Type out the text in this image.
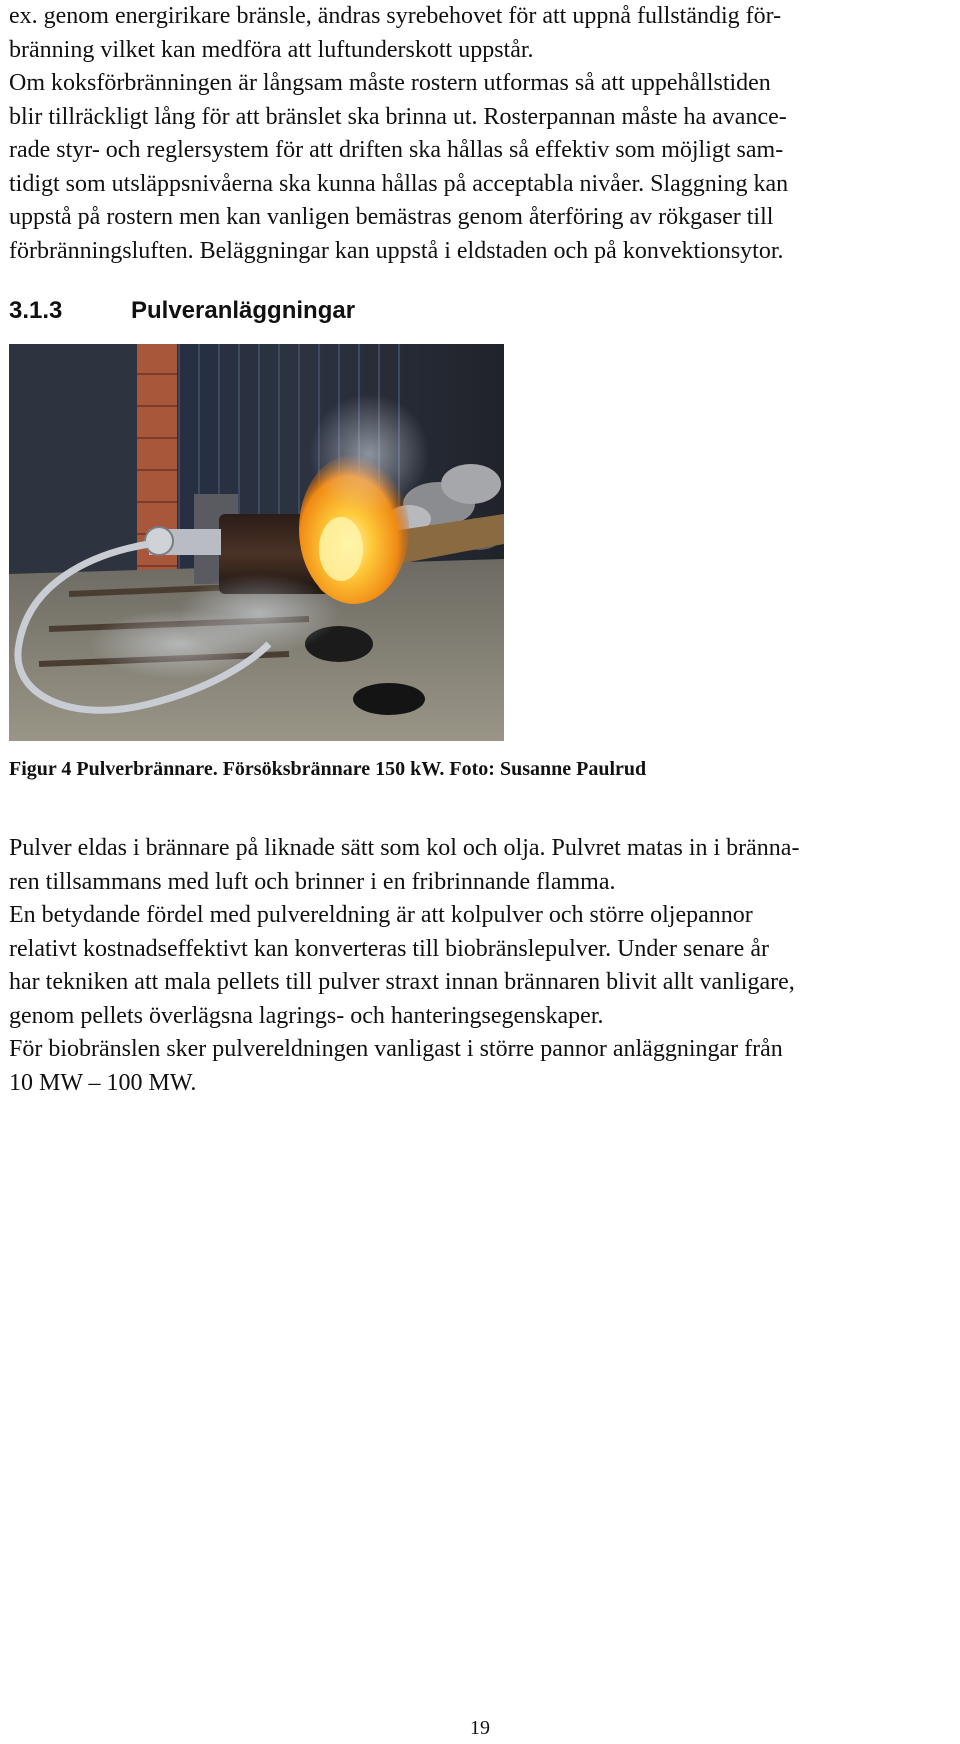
ex. genom energirikare bränsle, ändras syrebehovet för att uppnå fullständig för-
bränning vilket kan medföra att luftunderskott uppstår.
Om koksförbränningen är långsam måste rostern utformas så att uppehållstiden
blir tillräckligt lång för att bränslet ska brinna ut. Rosterpannan måste ha avance-
rade styr- och reglersystem för att driften ska hållas så effektiv som möjligt sam-
tidigt som utsläppsnivåerna ska kunna hållas på acceptabla nivåer. Slaggning kan
uppstå på rostern men kan vanligen bemästras genom återföring av rökgaser till
förbränningsluften. Beläggningar kan uppstå i eldstaden och på konvektionsytor.
3.1.3	Pulveranläggningar

Figur 4 Pulverbrännare. Försöksbrännare 150 kW. Foto: Susanne Paulrud

Pulver eldas i brännare på liknade sätt som kol och olja. Pulvret matas in i bränna-
ren tillsammans med luft och brinner i en fribrinnande flamma.
En betydande fördel med pulvereldning är att kolpulver och större oljepannor
relativt kostnadseffektivt kan konverteras till biobränslepulver. Under senare år
har tekniken att mala pellets till pulver straxt innan brännaren blivit allt vanligare,
genom pellets överlägsna lagrings- och hanteringsegenskaper.
För biobränslen sker pulvereldningen vanligast i större pannor anläggningar från
10 MW – 100 MW.
19
